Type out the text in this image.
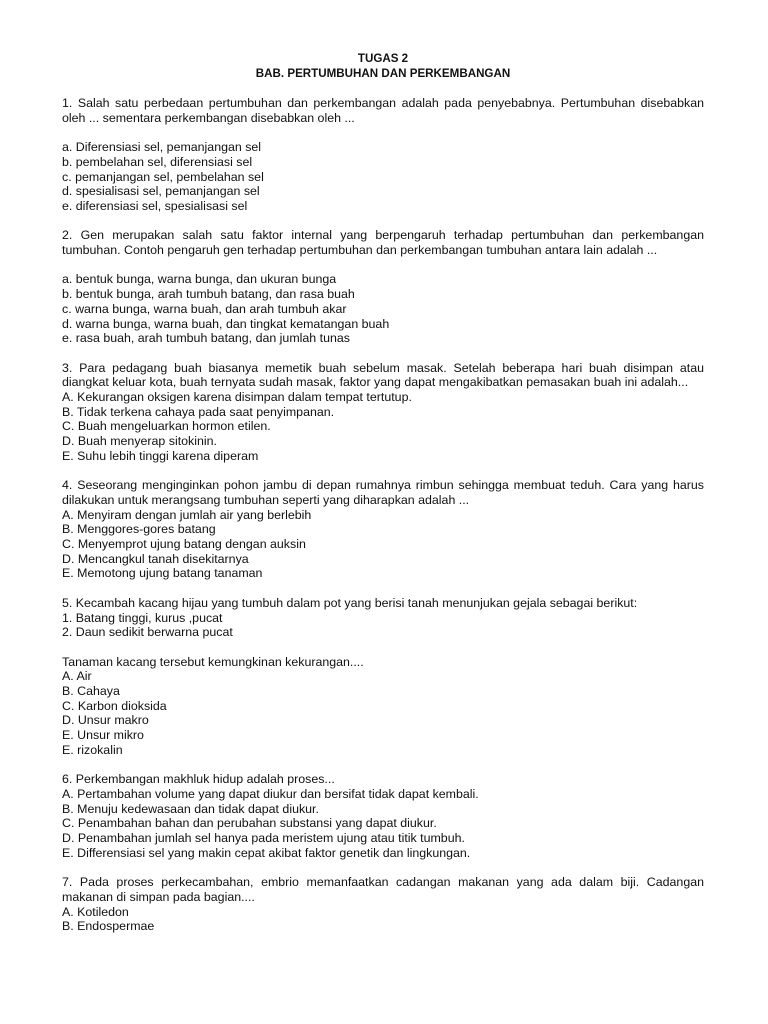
TUGAS 2
BAB. PERTUMBUHAN DAN PERKEMBANGAN
1. Salah satu perbedaan pertumbuhan dan perkembangan adalah pada penyebabnya. Pertumbuhan disebabkan oleh ... sementara perkembangan disebabkan oleh ...
a. Diferensiasi sel, pemanjangan sel
b. pembelahan sel, diferensiasi sel
c. pemanjangan sel, pembelahan sel
d. spesialisasi sel, pemanjangan sel
e. diferensiasi sel, spesialisasi sel
2. Gen merupakan salah satu faktor internal yang berpengaruh terhadap pertumbuhan dan perkembangan tumbuhan. Contoh pengaruh gen terhadap pertumbuhan dan perkembangan tumbuhan antara lain adalah ...
a. bentuk bunga, warna bunga, dan ukuran bunga
b. bentuk bunga, arah tumbuh batang, dan rasa buah
c. warna bunga, warna buah, dan arah tumbuh akar
d. warna bunga, warna buah, dan tingkat kematangan buah
e. rasa buah, arah tumbuh batang, dan jumlah tunas
3. Para pedagang buah biasanya memetik buah sebelum masak. Setelah beberapa hari buah disimpan atau diangkat keluar kota, buah ternyata sudah masak, faktor yang dapat mengakibatkan pemasakan buah ini adalah...
A. Kekurangan oksigen karena disimpan dalam tempat tertutup.
B. Tidak terkena cahaya pada saat penyimpanan.
C. Buah mengeluarkan hormon etilen.
D. Buah menyerap sitokinin.
E. Suhu lebih tinggi karena diperam
4. Seseorang menginginkan pohon jambu di depan rumahnya rimbun sehingga membuat teduh. Cara yang harus dilakukan untuk merangsang tumbuhan seperti yang diharapkan adalah ...
A. Menyiram dengan jumlah air yang berlebih
B. Menggores-gores batang
C. Menyemprot ujung batang dengan auksin
D. Mencangkul tanah disekitarnya
E. Memotong ujung batang tanaman
5. Kecambah kacang hijau yang tumbuh dalam pot yang berisi tanah menunjukan gejala sebagai berikut:
1. Batang tinggi, kurus ,pucat
2. Daun sedikit berwarna pucat
Tanaman kacang tersebut kemungkinan kekurangan....
A. Air
B. Cahaya
C. Karbon dioksida
D. Unsur makro
E. Unsur mikro
E. rizokalin
6. Perkembangan makhluk hidup adalah proses...
A. Pertambahan volume yang dapat diukur dan bersifat tidak dapat kembali.
B. Menuju kedewasaan dan tidak dapat diukur.
C. Penambahan bahan dan perubahan substansi yang dapat diukur.
D. Penambahan jumlah sel hanya pada meristem ujung atau titik tumbuh.
E. Differensiasi sel yang makin cepat akibat faktor genetik dan lingkungan.
7. Pada proses perkecambahan, embrio memanfaatkan cadangan makanan yang ada dalam biji. Cadangan makanan di simpan pada bagian....
A. Kotiledon
B. Endospermae
